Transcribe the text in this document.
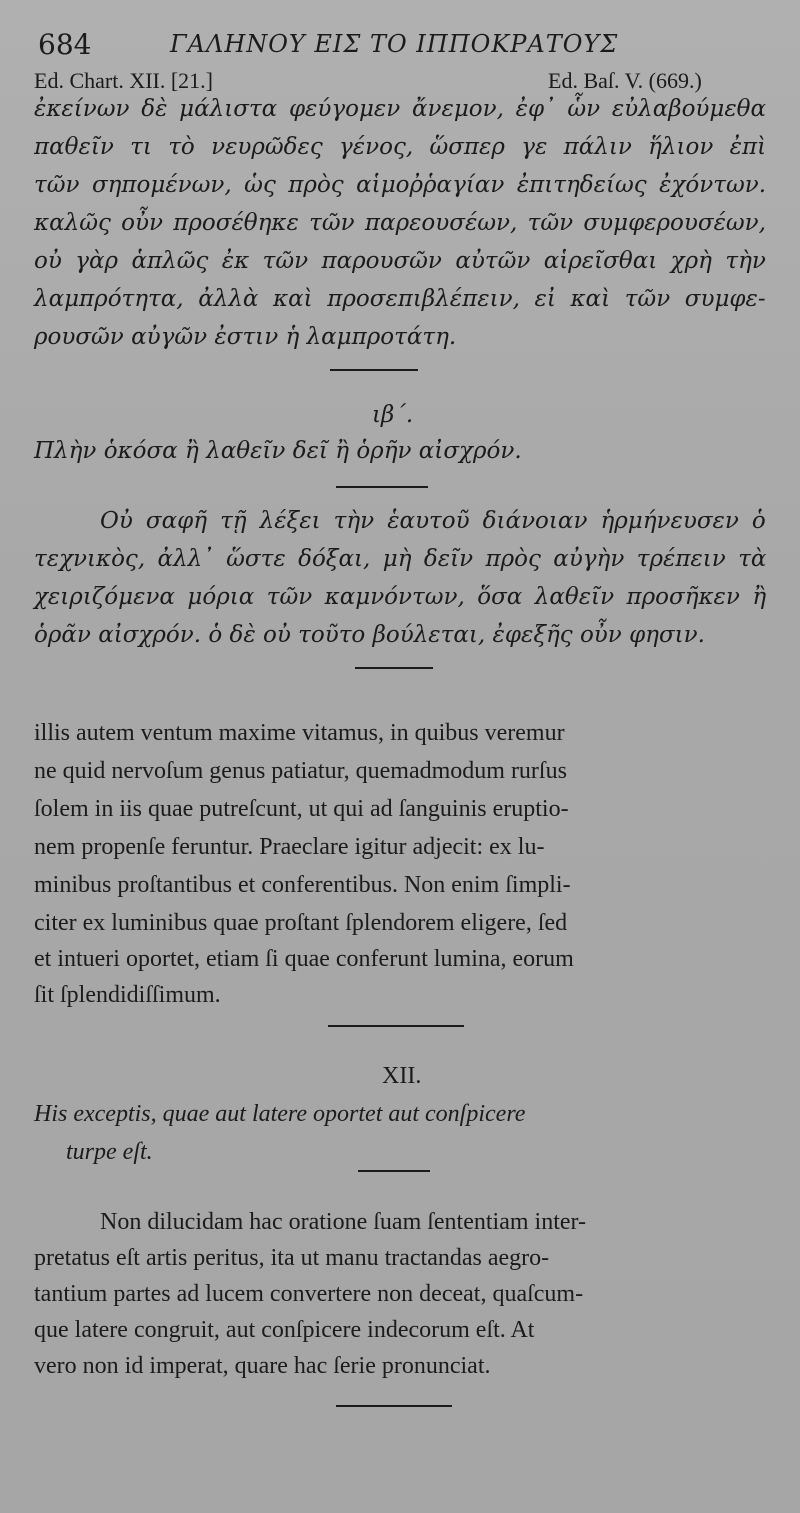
684	ΓΑΛΗΝΟΥ ΕΙΣ ΤΟ ΙΠΠΟΚΡΑΤΟΥΣ
Ed. Chart. XII. [21.]	Ed. Baſ. V. (669.)
ἐκείνων δὲ μάλιστα φεύγομεν ἄνεμον, ἐφ᾽ ὧν εὐλαβούμεθα
παθεῖν τι τὸ νευρῶδες γένος, ὥσπερ γε πάλιν ἥλιον ἐπὶ
τῶν σηπομένων, ὡς πρὸς αἱμοῤῥαγίαν ἐπιτηδείως ἐχόντων.
καλῶς οὖν προσέθηκε τῶν παρεουσέων, τῶν συμφερουσέων,
οὐ γὰρ ἁπλῶς ἐκ τῶν παρουσῶν αὐτῶν αἱρεῖσθαι χρὴ τὴν
λαμπρότητα, ἀλλὰ καὶ προσεπιβλέπειν, εἰ καὶ τῶν συμφε-
ρουσῶν αὐγῶν ἐστιν ἡ λαμπροτάτη.
ιβ΄.
Πλὴν ὁκόσα ἢ λαθεῖν δεῖ ἢ ὁρῆν αἰσχρόν.
Οὐ σαφῆ τῇ λέξει τὴν ἑαυτοῦ διάνοιαν ἡρμήνευσεν ὁ
τεχνικὸς, ἀλλ᾽ ὥστε δόξαι, μὴ δεῖν πρὸς αὐγὴν τρέπειν τὰ
χειριζόμενα μόρια τῶν καμνόντων, ὅσα λαθεῖν προσῆκεν ἢ
ὁρᾶν αἰσχρόν. ὁ δὲ οὐ τοῦτο βούλεται, ἐφεξῆς οὖν φησιν.
illis autem ventum maxime vitamus, in quibus veremur
ne quid nervoſum genus patiatur, quemadmodum rurſus
ſolem in iis quae putreſcunt, ut qui ad ſanguinis eruptio-
nem propenſe feruntur. Praeclare igitur adjecit: ex lu-
minibus proſtantibus et conferentibus. Non enim ſimpli-
citer ex luminibus quae proſtant ſplendorem eligere, ſed
et intueri oportet, etiam ſi quae conferunt lumina, eorum
ſit ſplendidiſſimum.
XII.
His exceptis, quae aut latere oportet aut conſpicere
turpe eſt.
Non dilucidam hac oratione ſuam ſententiam inter-
pretatus eſt artis peritus, ita ut manu tractandas aegro-
tantium partes ad lucem convertere non deceat, quaſcum-
que latere congruit, aut conſpicere indecorum eſt. At
vero non id imperat, quare hac ſerie pronunciat.
